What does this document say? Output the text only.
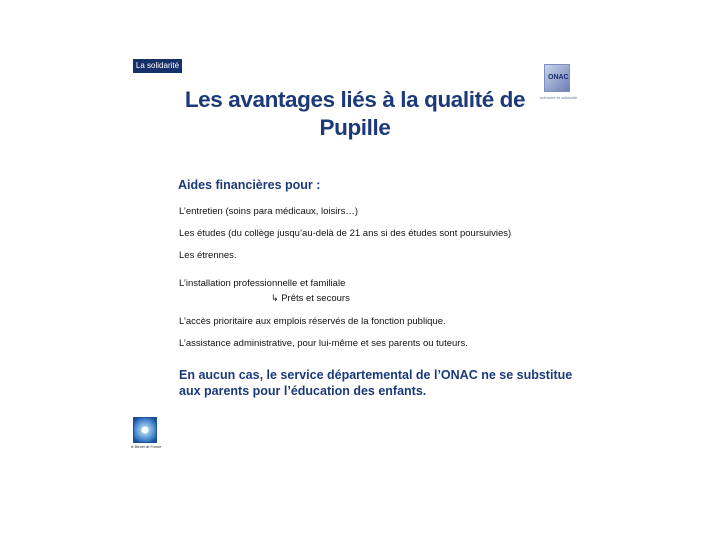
La solidarité
ONAC
mémoire et solidarité
Les avantages liés à la qualité de
Pupille
Aides financières pour :

L’entretien (soins para médicaux, loisirs…)

Les études (du collège jusqu’au-delà de 21 ans si des études sont poursuivies)

Les étrennes.

L’installation professionnelle et familiale

↳ Prêts et secours

L’accès prioritaire aux emplois réservés de la fonction publique.

L’assistance administrative, pour lui-même et ses parents ou tuteurs.

En aucun cas, le service départemental de l’ONAC ne se substitue
aux parents pour l’éducation des enfants.

le Bleuet de France
